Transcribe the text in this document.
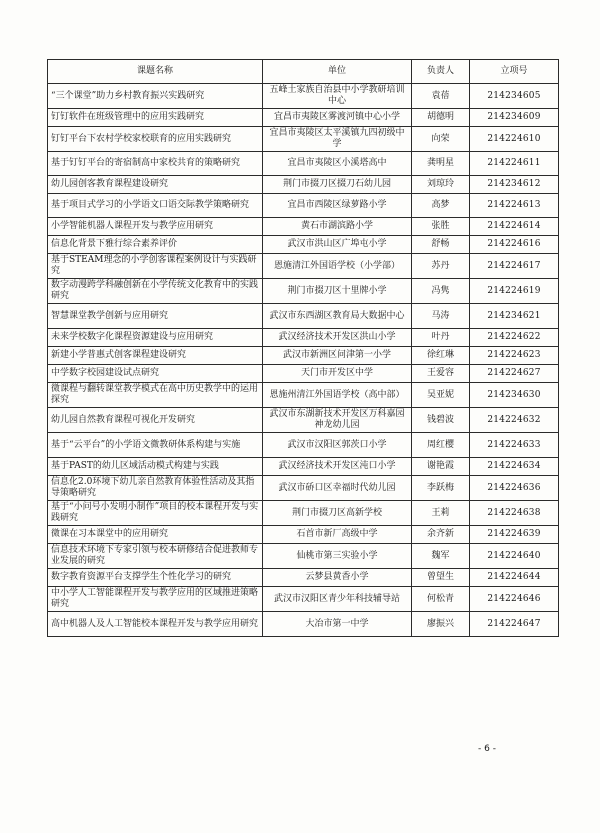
课题名称	单位	负责人	立项号
“三个课堂”助力乡村教育振兴实践研究	五峰土家族自治县中小学教研培训中心	袁蓓	214234605
钉钉软件在班级管理中的应用实践研究	宜昌市夷陵区雾渡河镇中心小学	胡德明	214234609
钉钉平台下农村学校家校联育的应用实践研究	宜昌市夷陵区太平溪镇九四初级中学	向荣	214224610
基于钉钉平台的寄宿制高中家校共育的策略研究	宜昌市夷陵区小溪塔高中	龚明星	214224611
幼儿园创客教育课程建设研究	荆门市掇刀区掇刀石幼儿园	刘琼玲	214234612
基于项目式学习的小学语文口语交际教学策略研究	宜昌市西陵区绿萝路小学	高梦	214224613
小学智能机器人课程开发与教学应用研究	黄石市湖滨路小学	张胜	214224614
信息化背景下雅行综合素养评价	武汉市洪山区广埠屯小学	舒畅	214224616
基于STEAM理念的小学创客课程案例设计与实践研究	恩施清江外国语学校（小学部）	苏丹	214224617
数字动漫跨学科融创新在小学传统文化教育中的实践研究	荆门市掇刀区十里牌小学	冯隽	214224619
智慧课堂教学创新与应用研究	武汉市东西湖区教育局大数据中心	马涛	214234621
未来学校数字化课程资源建设与应用研究	武汉经济技术开发区洪山小学	叶丹	214224622
新建小学普惠式创客课程建设研究	武汉市新洲区问津第一小学	徐红琳	214224623
中学数字校园建设试点研究	天门市开发区中学	王爱容	214224627
微课程与翻转课堂教学模式在高中历史教学中的运用探究	恩施州清江外国语学校（高中部）	吴亚妮	214234630
幼儿园自然教育课程可视化开发研究	武汉市东湖新技术开发区万科嘉园神龙幼儿园	钱碧波	214224632
基于“云平台”的小学语文微教研体系构建与实施	武汉市汉阳区郭茨口小学	周红樱	214224633
基于PAST的幼儿区域活动模式构建与实践	武汉经济技术开发区沌口小学	谢艳霞	214224634
信息化2.0环境下幼儿亲自然教育体验性活动及其指导策略研究	武汉市硚口区幸福时代幼儿园	李跃梅	214224636
基于“小问号小发明小制作”项目的校本课程开发与实践研究	荆门市掇刀区高新学校	王莉	214224638
微课在习本课堂中的应用研究	石首市新厂高级中学	余齐新	214224639
信息技术环境下专家引领与校本研修结合促进教师专业发展的研究	仙桃市第三实验小学	魏军	214224640
数字教育资源平台支撑学生个性化学习的研究	云梦县黄香小学	曾望生	214224644
中小学人工智能课程开发与教学应用的区域推进策略研究	武汉市汉阳区青少年科技辅导站	何松青	214224646
高中机器人及人工智能校本课程开发与教学应用研究	大冶市第一中学	廖振兴	214224647
- 6 -
